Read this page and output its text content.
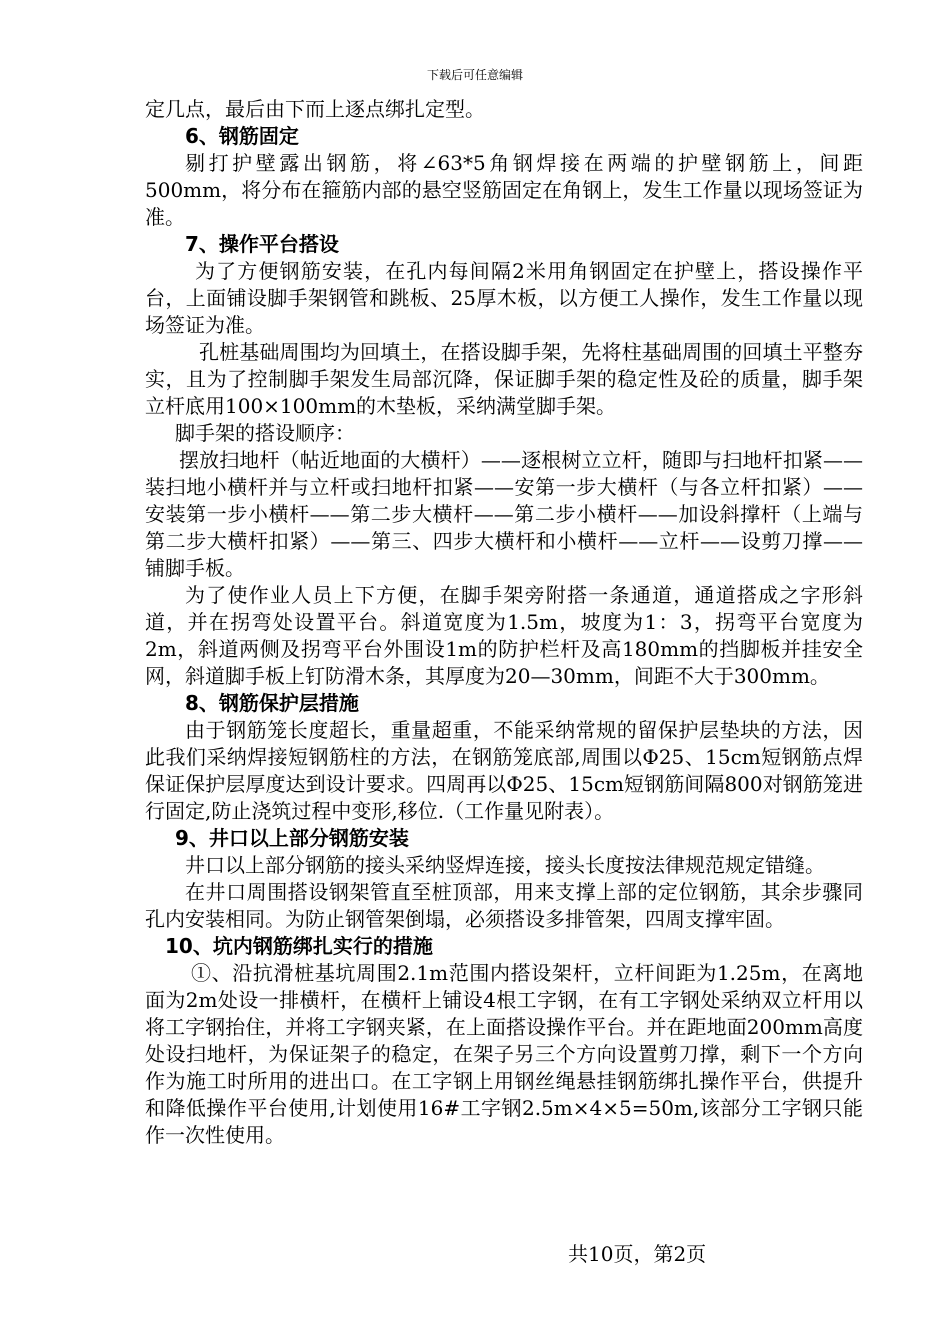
下载后可任意编辑

定几点，最后由下而上逐点绑扎定型。

6、钢筋固定

剔打护壁露出钢筋，将∠63*5角钢焊接在两端的护壁钢筋上，间距500mm，将分布在箍筋内部的悬空竖筋固定在角钢上，发生工作量以现场签证为准。

7、操作平台搭设

为了方便钢筋安装，在孔内每间隔2米用角钢固定在护壁上，搭设操作平台，上面铺设脚手架钢管和跳板、25厚木板，以方便工人操作，发生工作量以现场签证为准。

孔桩基础周围均为回填土，在搭设脚手架，先将柱基础周围的回填土平整夯实，且为了控制脚手架发生局部沉降，保证脚手架的稳定性及砼的质量，脚手架立杆底用100×100mm的木垫板，采纳满堂脚手架。

脚手架的搭设顺序：

摆放扫地杆（帖近地面的大横杆）——逐根树立立杆，随即与扫地杆扣紧——装扫地小横杆并与立杆或扫地杆扣紧——安第一步大横杆（与各立杆扣紧）——安装第一步小横杆——第二步大横杆——第二步小横杆——加设斜撑杆（上端与第二步大横杆扣紧）——第三、四步大横杆和小横杆——立杆——设剪刀撑——铺脚手板。

为了使作业人员上下方便，在脚手架旁附搭一条通道，通道搭成之字形斜道，并在拐弯处设置平台。斜道宽度为1.5m，坡度为1：3，拐弯平台宽度为2m，斜道两侧及拐弯平台外围设1m的防护栏杆及高180mm的挡脚板并挂安全网，斜道脚手板上钉防滑木条，其厚度为20—30mm，间距不大于300mm。

8、钢筋保护层措施

由于钢筋笼长度超长，重量超重，不能采纳常规的留保护层垫块的方法，因此我们采纳焊接短钢筋柱的方法，在钢筋笼底部,周围以Φ25、15cm短钢筋点焊保证保护层厚度达到设计要求。四周再以Φ25、15cm短钢筋间隔800对钢筋笼进行固定,防止浇筑过程中变形,移位.（工作量见附表）。

9、井口以上部分钢筋安装

井口以上部分钢筋的接头采纳竖焊连接，接头长度按法律规范规定错缝。

在井口周围搭设钢架管直至桩顶部，用来支撑上部的定位钢筋，其余步骤同孔内安装相同。为防止钢管架倒塌，必须搭设多排管架，四周支撑牢固。

10、坑内钢筋绑扎实行的措施

①、沿抗滑桩基坑周围2.1m范围内搭设架杆，立杆间距为1.25m，在离地面为2m处设一排横杆，在横杆上铺设4根工字钢，在有工字钢处采纳双立杆用以将工字钢抬住，并将工字钢夹紧，在上面搭设操作平台。并在距地面200mm高度处设扫地杆，为保证架子的稳定，在架子另三个方向设置剪刀撑，剩下一个方向作为施工时所用的进出口。在工字钢上用钢丝绳悬挂钢筋绑扎操作平台，供提升和降低操作平台使用,计划使用16#工字钢2.5m×4×5=50m,该部分工字钢只能作一次性使用。

共10页，第2页
